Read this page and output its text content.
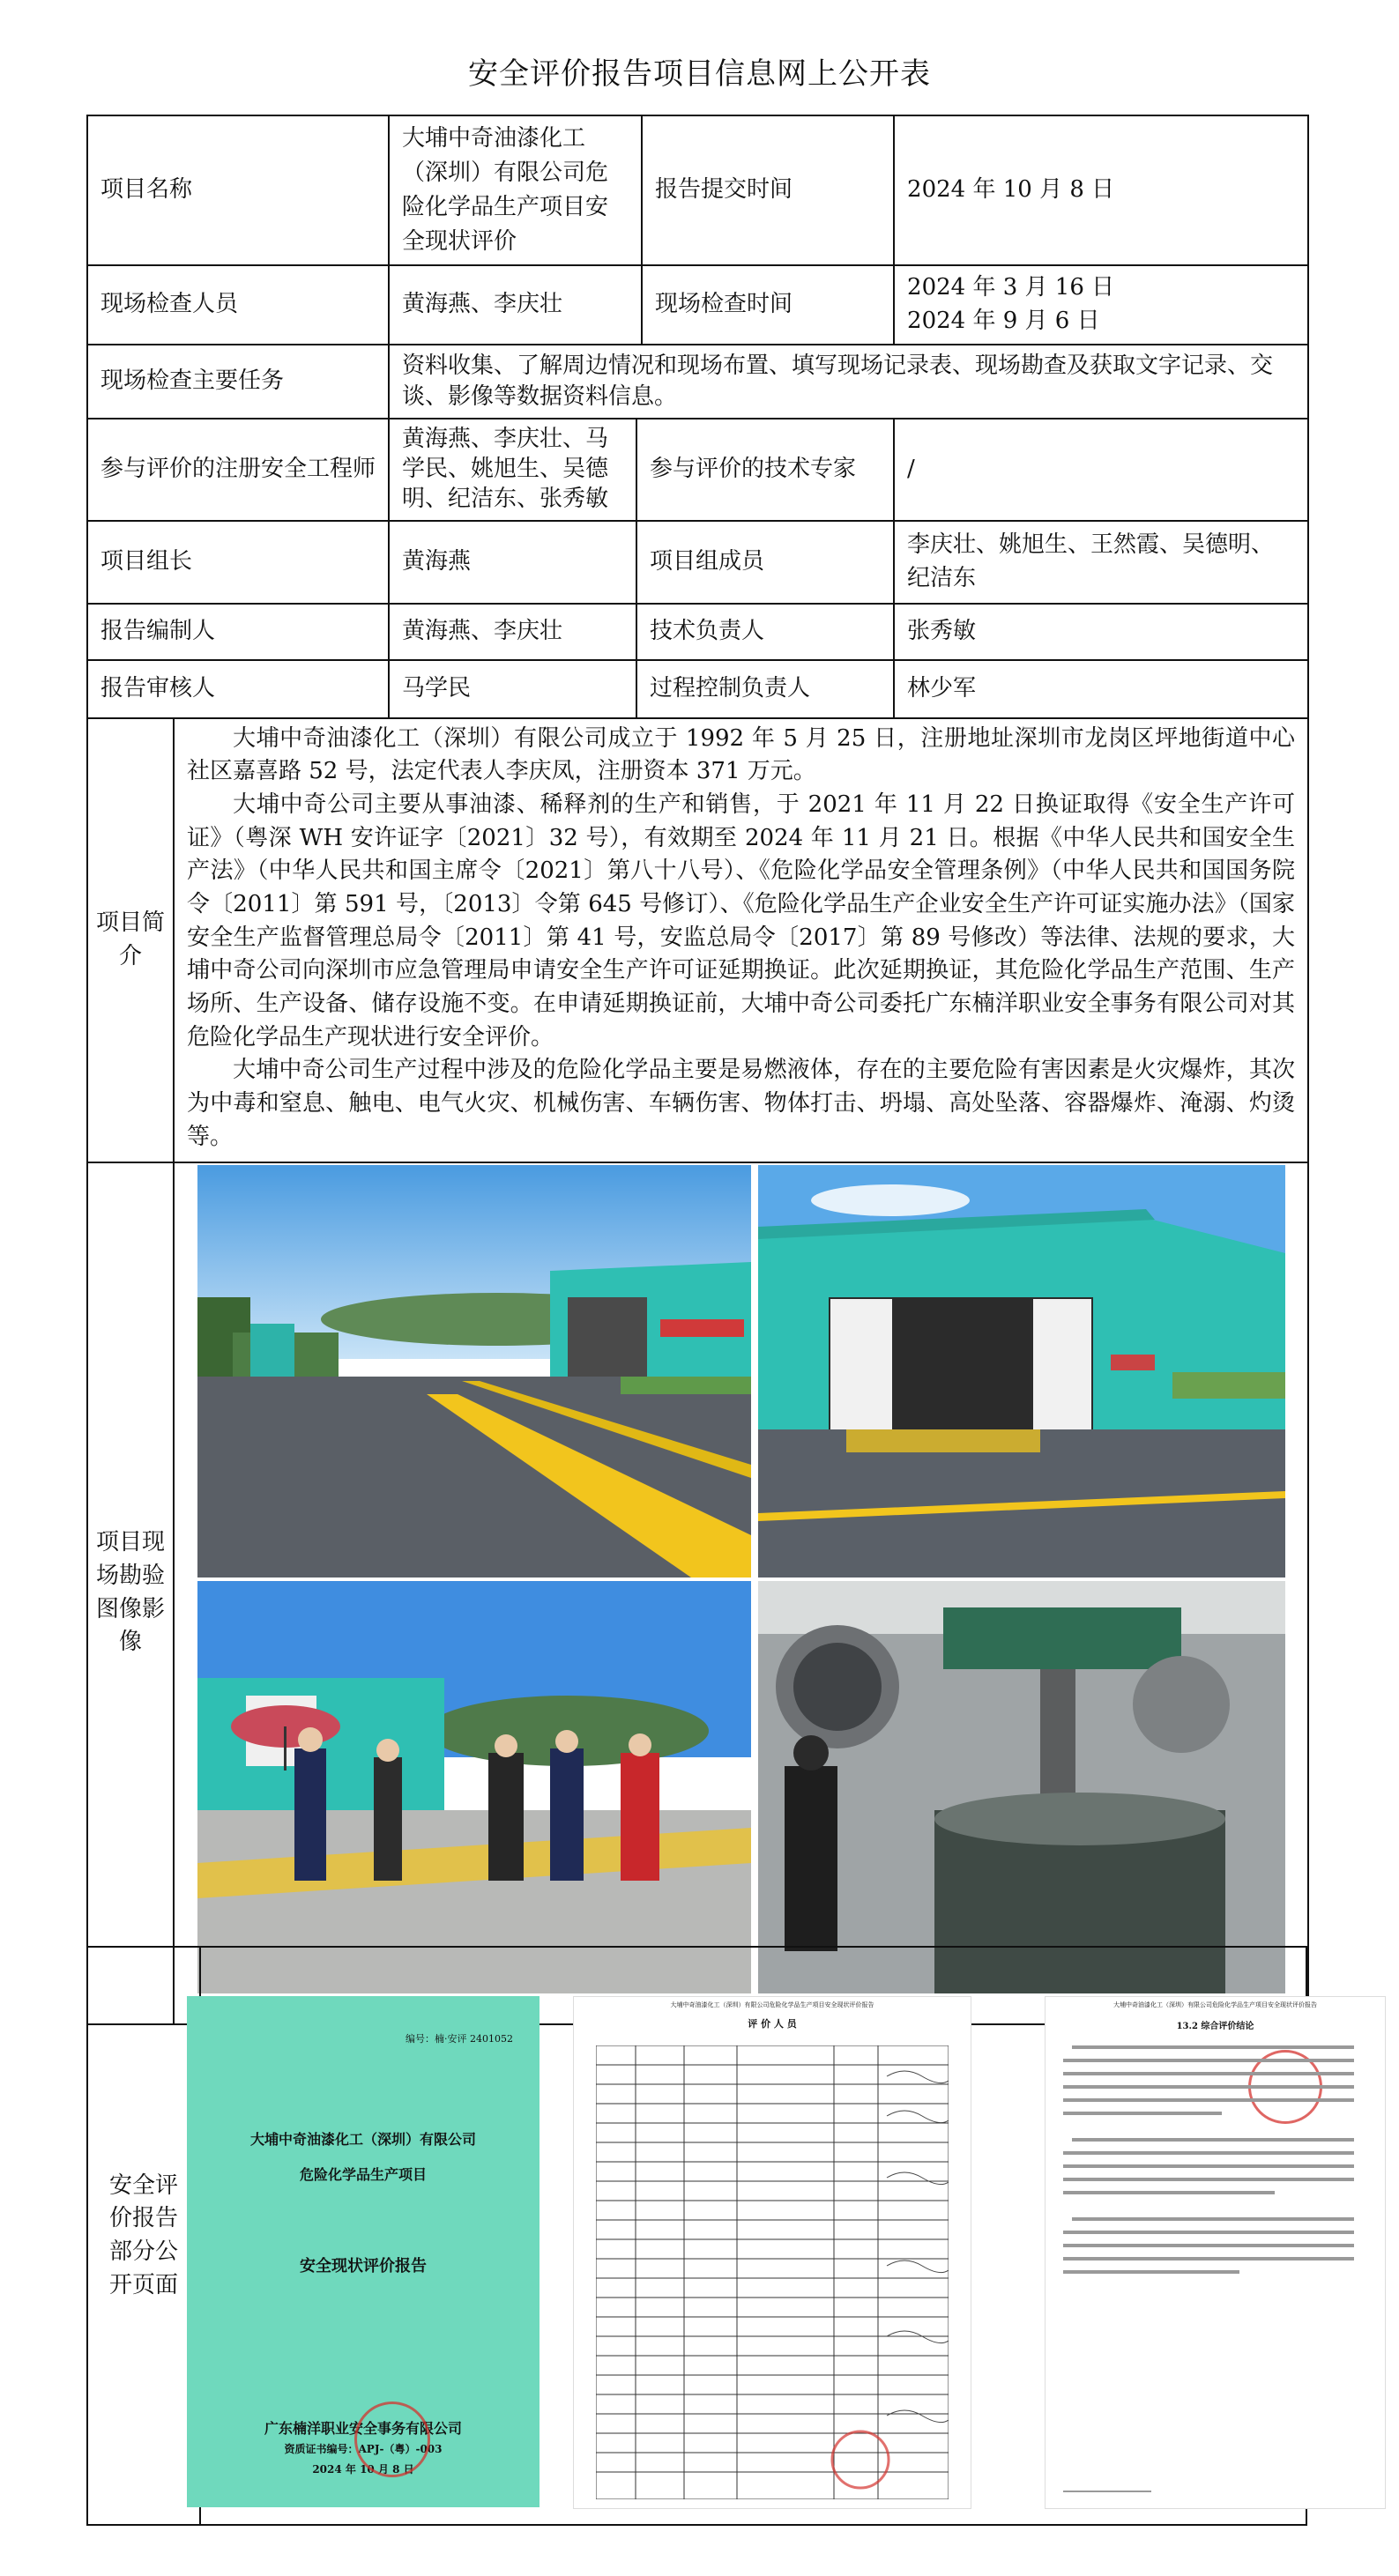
安全评价报告项目信息网上公开表
项目名称		大埔中奇油漆化工（深圳）有限公司危险化学品生产项目安全现状评价		报告提交时间	2024 年 10 月 8 日
现场检查人员		黄海燕、李庆壮		现场检查时间	2024 年 3 月 16 日
2024 年 9 月 6 日

现场检查主要任务		资料收集、了解周边情况和现场布置、填写现场记录表、现场勘查及获取文字记录、交谈、影像等数据资料信息。			
参与评价的注册安全工程师		黄海燕、李庆壮、马学民、姚旭生、吴德明、纪洁东、张秀敏	参与评价的技术专家		/
项目组长		黄海燕	项目组成员		李庆壮、姚旭生、王然霞、吴德明、纪洁东
报告编制人		黄海燕、李庆壮	技术负责人		张秀敏
报告审核人		马学民	过程控制负责人		林少军
项目简介	大埔中奇油漆化工（深圳）有限公司成立于 1992 年 5 月 25 日，注册地址深圳市龙岗区坪地街道中心社区嘉喜路 52 号，法定代表人李庆凤，注册资本 371 万元。

大埔中奇公司主要从事油漆、稀释剂的生产和销售，于 2021 年 11 月 22 日换证取得《安全生产许可证》（粤深 WH 安许证字〔2021〕32 号），有效期至 2024 年 11 月 21 日。根据《中华人民共和国安全生产法》（中华人民共和国主席令〔2021〕第八十八号）、《危险化学品安全管理条例》（中华人民共和国国务院令〔2011〕第 591 号，〔2013〕令第 645 号修订）、《危险化学品生产企业安全生产许可证实施办法》（国家安全生产监督管理总局令〔2011〕第 41 号，安监总局令〔2017〕第 89 号修改）等法律、法规的要求，大埔中奇公司向深圳市应急管理局申请安全生产许可证延期换证。此次延期换证，其危险化学品生产范围、生产场所、生产设备、储存设施不变。在申请延期换证前，大埔中奇公司委托广东楠洋职业安全事务有限公司对其危险化学品生产现状进行安全评价。

大埔中奇公司生产过程中涉及的危险化学品主要是易燃液体，存在的主要危险有害因素是火灾爆炸，其次为中毒和窒息、触电、电气火灾、机械伤害、车辆伤害、物体打击、坍塌、高处坠落、容器爆炸、淹溺、灼烫等。				

项目现场勘验图像影像	
安全评价报告部分公开页面
编号：楠·安评 2401052
大埔中奇油漆化工（深圳）有限公司
危险化学品生产项目
安全现状评价报告
广东楠洋职业安全事务有限公司
资质证书编号：APJ-（粤）-003
2024 年 10 月 8 日
大埔中奇油漆化工（深圳）有限公司危险化学品生产项目安全现状评价报告
评 价 人 员
大埔中奇油漆化工（深圳）有限公司危险化学品生产项目安全现状评价报告
13.2 综合评价结论
